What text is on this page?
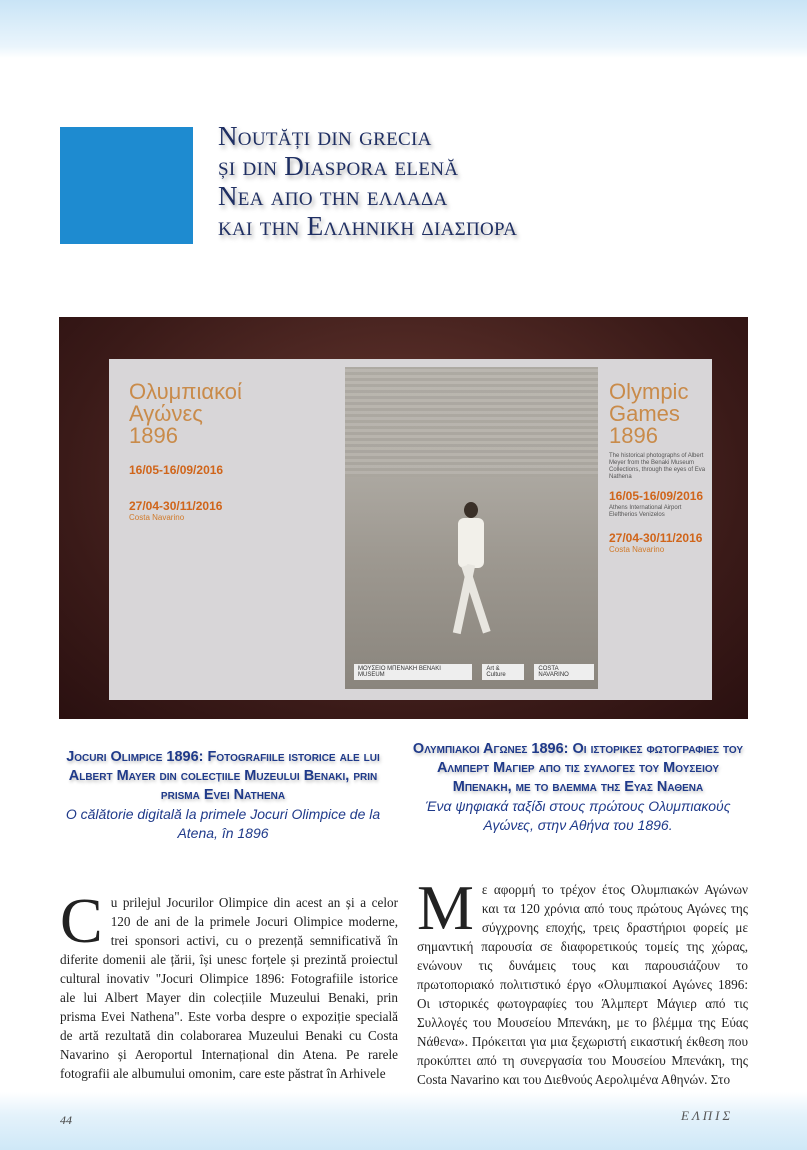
Noutăți din grecia
și din Diaspora elenă
Νεα απο την ελλαδα
και την Ελληνικη διασπορα
Ολυμπιακοί
Αγώνες
1896
16/05-16/09/2016
27/04-30/11/2016
Costa Navarino
Olympic
Games
1896
The historical photographs of Albert Meyer from the Benaki Museum Collections, through the eyes of Eva Nathena
16/05-16/09/2016
Athens International Airport Eleftherios Venizelos
27/04-30/11/2016
Costa Navarino
ΜΟΥΣΕΙΟ ΜΠΕΝΑΚΗ BENAKI MUSEUM
Art & Culture
COSTA NAVARINO
Jocuri Olimpice 1896: Fotografiile istorice ale lui Albert Mayer din colecțiile Muzeului Benaki, prin prisma Evei Nathena
O călătorie digitală la primele Jocuri Olimpice de la Atena, în 1896
Ολυμπιακοι Αγωνες 1896: Οι ιστορικες φωτογραφιες του Αλμπερτ Μαγιερ απο τις συλλογες του Μουσειου Μπενακη, με το βλεμμα της Ευας Ναθενα
Ένα ψηφιακά ταξίδι στους πρώτους Ολυμπιακούς Αγώνες, στην Αθήνα του 1896.
C u prilejul Jocurilor Olimpice din acest an și a celor 120 de ani de la primele Jocuri Olimpice moderne, trei sponsori activi, cu o prezență semnificativă în diferite domenii ale țării, își unesc forțele și prezintă proiectul cultural inovativ "Jocuri Olimpice 1896: Fotografiile istorice ale lui Albert Mayer din colecțiile Muzeului Benaki, prin prisma Evei Nathena". Este vorba despre o expoziție specială de artă rezultată din colaborarea Muzeului Benaki cu Costa Navarino și Aeroportul Internațional din Atena. Pe rarele fotografii ale albumului omonim, care este păstrat în Arhivele
Μ ε αφορμή το τρέχον έτος Ολυμπιακών Αγώνων και τα 120 χρόνια από τους πρώτους Αγώνες της σύγχρονης εποχής, τρεις δραστήριοι φορείς με σημαντική παρουσία σε διαφορετικούς τομείς της χώρας, ενώνουν τις δυνάμεις τους και παρουσιάζουν το πρωτοποριακό πολιτιστικό έργο «Ολυμπιακοί Αγώνες 1896: Οι ιστορικές φωτογραφίες του Άλμπερτ Μάγιερ από τις Συλλογές του Μουσείου Μπενάκη, με το βλέμμα της Εύας Νάθενα». Πρόκειται για μια ξεχωριστή εικαστική έκθεση που προκύπτει από τη συνεργασία του Μουσείου Μπενάκη, της Costa Navarino και του Διεθνούς Αερολιμένα Αθηνών. Στο
44	ΕΛΠΙΣ
